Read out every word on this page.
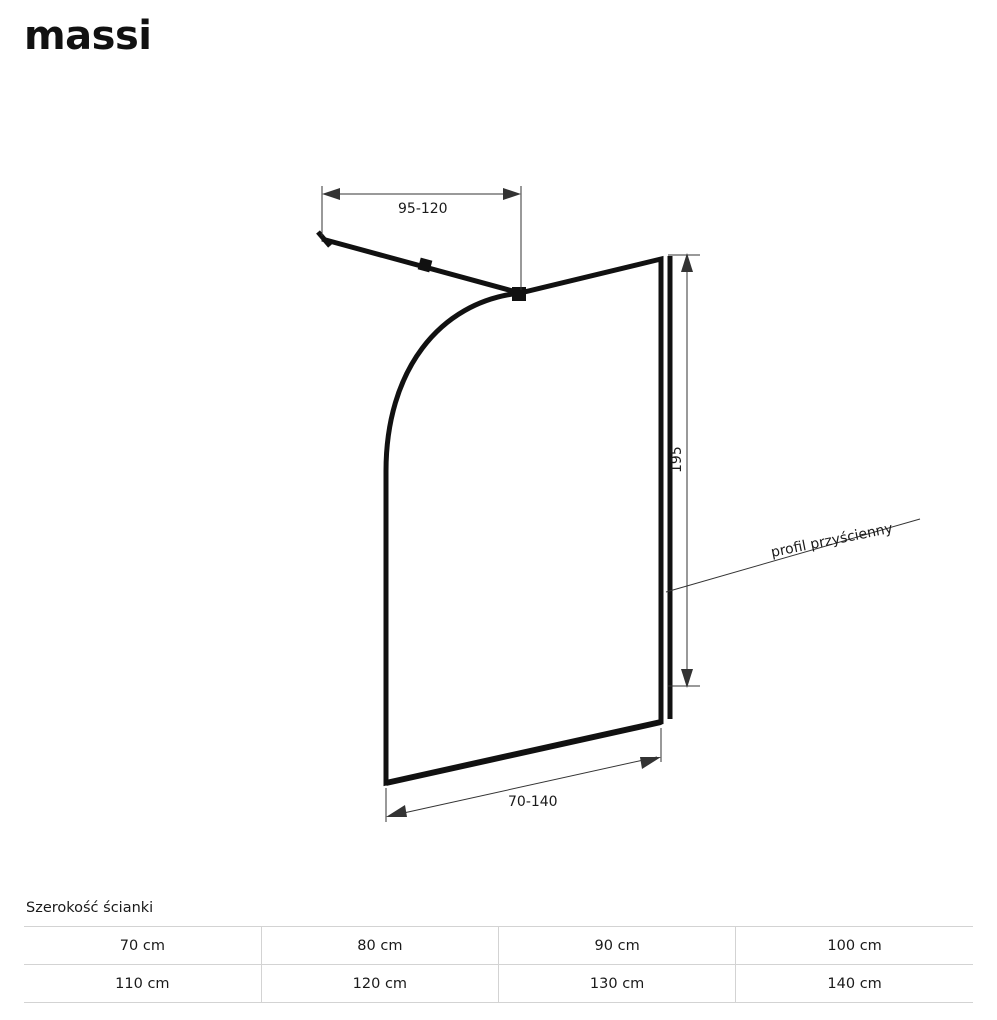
massi
95-120
195
70-140
profil przyścienny
Szerokość ścianki
70 cm	80 cm	90 cm	100 cm
110 cm	120 cm	130 cm	140 cm
